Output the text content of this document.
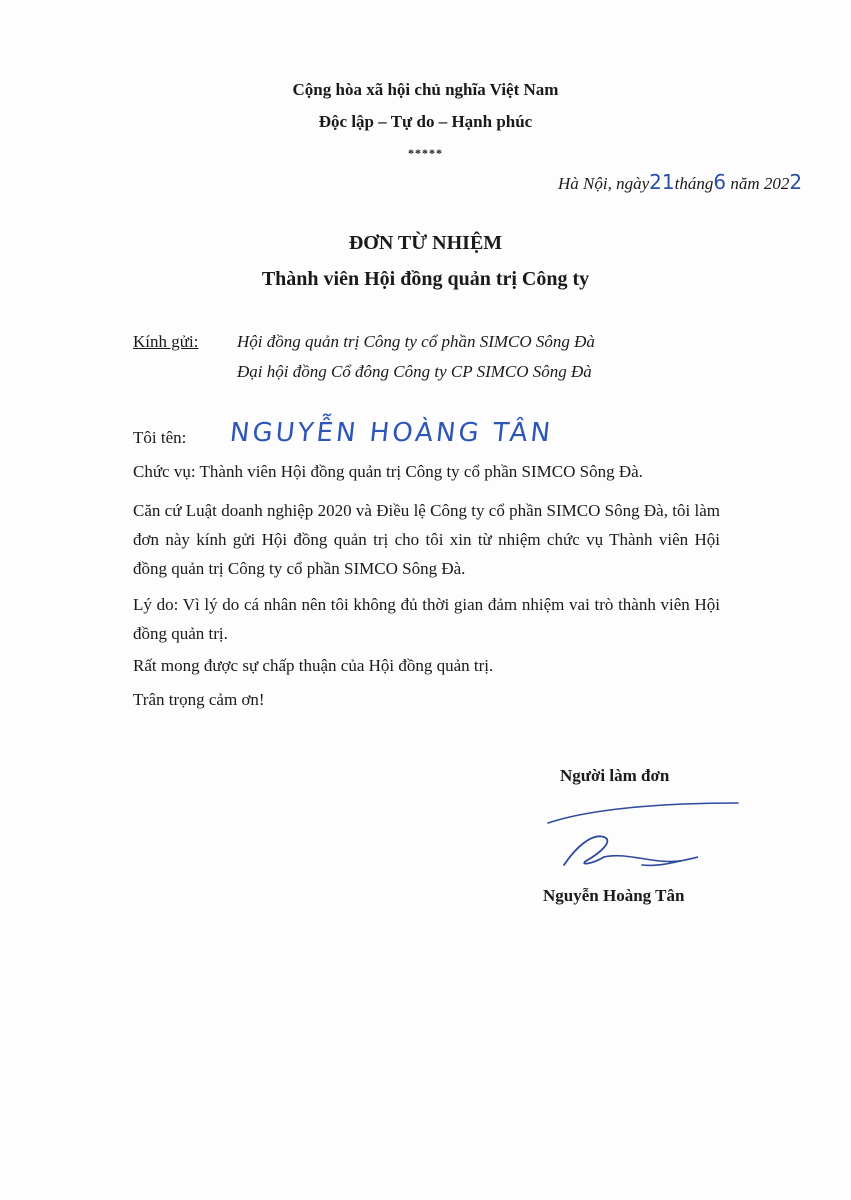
Cộng hòa xã hội chủ nghĩa Việt Nam
Độc lập – Tự do – Hạnh phúc
*****
Hà Nội, ngày21tháng6 năm 2022
ĐƠN TỪ NHIỆM
Thành viên Hội đồng quản trị Công ty
Kính gửi: Hội đồng quản trị Công ty cổ phần SIMCO Sông Đà
Đại hội đồng Cổ đông Công ty CP SIMCO Sông Đà
Tôi tên: NGUYỄN HOÀNG TÂN
Chức vụ: Thành viên Hội đồng quản trị Công ty cổ phần SIMCO Sông Đà.
Căn cứ Luật doanh nghiệp 2020 và Điều lệ Công ty cổ phần SIMCO Sông Đà, tôi làm đơn này kính gửi Hội đồng quản trị cho tôi xin từ nhiệm chức vụ Thành viên Hội đồng quản trị Công ty cổ phần SIMCO Sông Đà.
Lý do: Vì lý do cá nhân nên tôi không đủ thời gian đảm nhiệm vai trò thành viên Hội đồng quản trị.
Rất mong được sự chấp thuận của Hội đồng quản trị.
Trân trọng cảm ơn!
Người làm đơn
Nguyễn Hoàng Tân
